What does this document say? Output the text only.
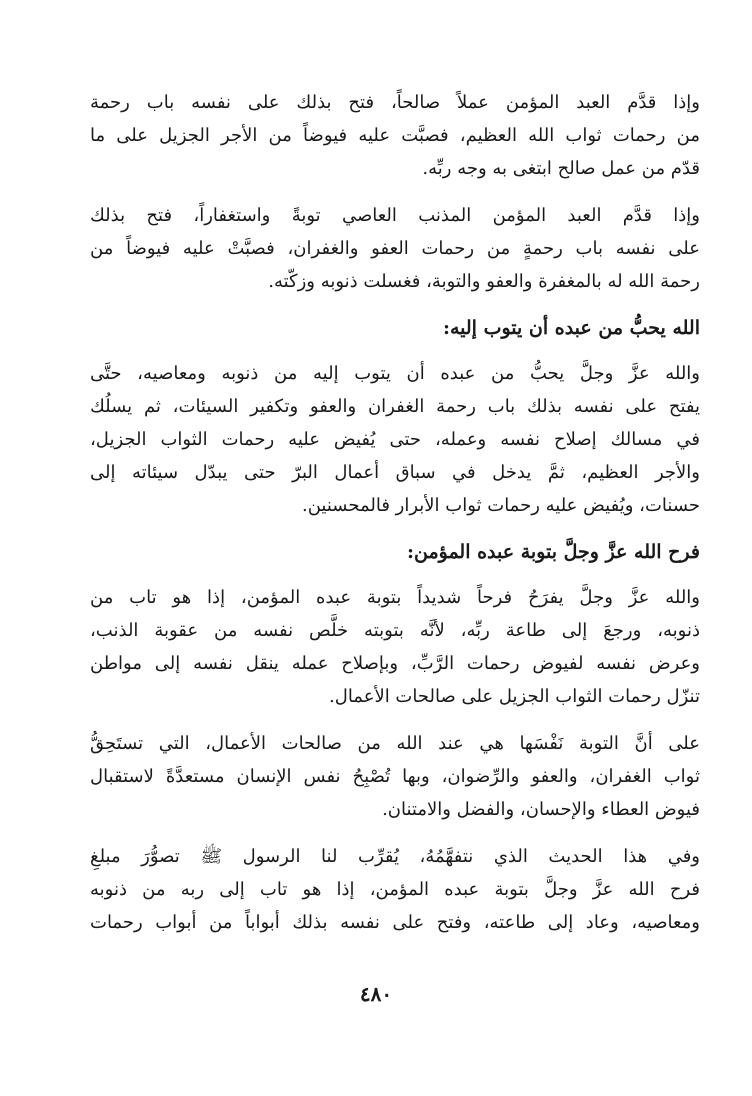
وإذا قدَّم العبد المؤمن عملاً صالحاً، فتح بذلك على نفسه باب رحمة
من رحمات ثواب الله العظيم، فصبَّت عليه فيوضاً من الأجر الجزيل على ما
قدّم من عمل صالح ابتغى به وجه ربِّه.
وإذا قدَّم العبد المؤمن المذنب العاصي توبةً واستغفاراً، فتح بذلك
على نفسه باب رحمةٍ من رحمات العفو والغفران، فصبَّتْ عليه فيوضاً من
رحمة الله له بالمغفرة والعفو والتوبة، فغسلت ذنوبه وزكّته.
الله يحبُّ من عبده أن يتوب إليه:
والله عزَّ وجلَّ يحبُّ من عبده أن يتوب إليه من ذنوبه ومعاصيه، حتَّى
يفتح على نفسه بذلك باب رحمة الغفران والعفو وتكفير السيئات، ثم يسلُك
في مسالك إصلاح نفسه وعمله، حتى يُفيض عليه رحمات الثواب الجزيل،
والأجر العظيم، ثمَّ يدخل في سباق أعمال البرّ حتى يبدّل سيئاته إلى
حسنات، ويُفيض عليه رحمات ثواب الأبرار فالمحسنين.
فرح الله عزَّ وجلَّ بتوبة عبده المؤمن:
والله عزَّ وجلَّ يفرَحُ فرحاً شديداً بتوبة عبده المؤمن، إذا هو تاب من
ذنوبه، ورجعَ إلى طاعة ربِّه، لأنَّه بتوبته خلَّص نفسه من عقوبة الذنب،
وعرض نفسه لفيوض رحمات الرَّبِّ، وبإصلاح عمله ينقل نفسه إلى مواطن
تنزّل رحمات الثواب الجزيل على صالحات الأعمال.
على أنَّ التوبة نَفْسَها هي عند الله من صالحات الأعمال، التي تستَحِقُّ
ثواب الغفران، والعفو والرِّضوان، وبها تُصْبِحُ نفس الإنسان مستعدَّةً لاستقبال
فيوض العطاء والإحسان، والفضل والامتنان.
وفي هذا الحديث الذي نتفهَّمُهُ، يُقرِّب لنا الرسول ﷺ تصوُّرَ مبلغِ
فرح الله عزَّ وجلَّ بتوبة عبده المؤمن، إذا هو تاب إلى ربه من ذنوبه
ومعاصيه، وعاد إلى طاعته، وفتح على نفسه بذلك أبواباً من أبواب رحمات
٤٨٠
